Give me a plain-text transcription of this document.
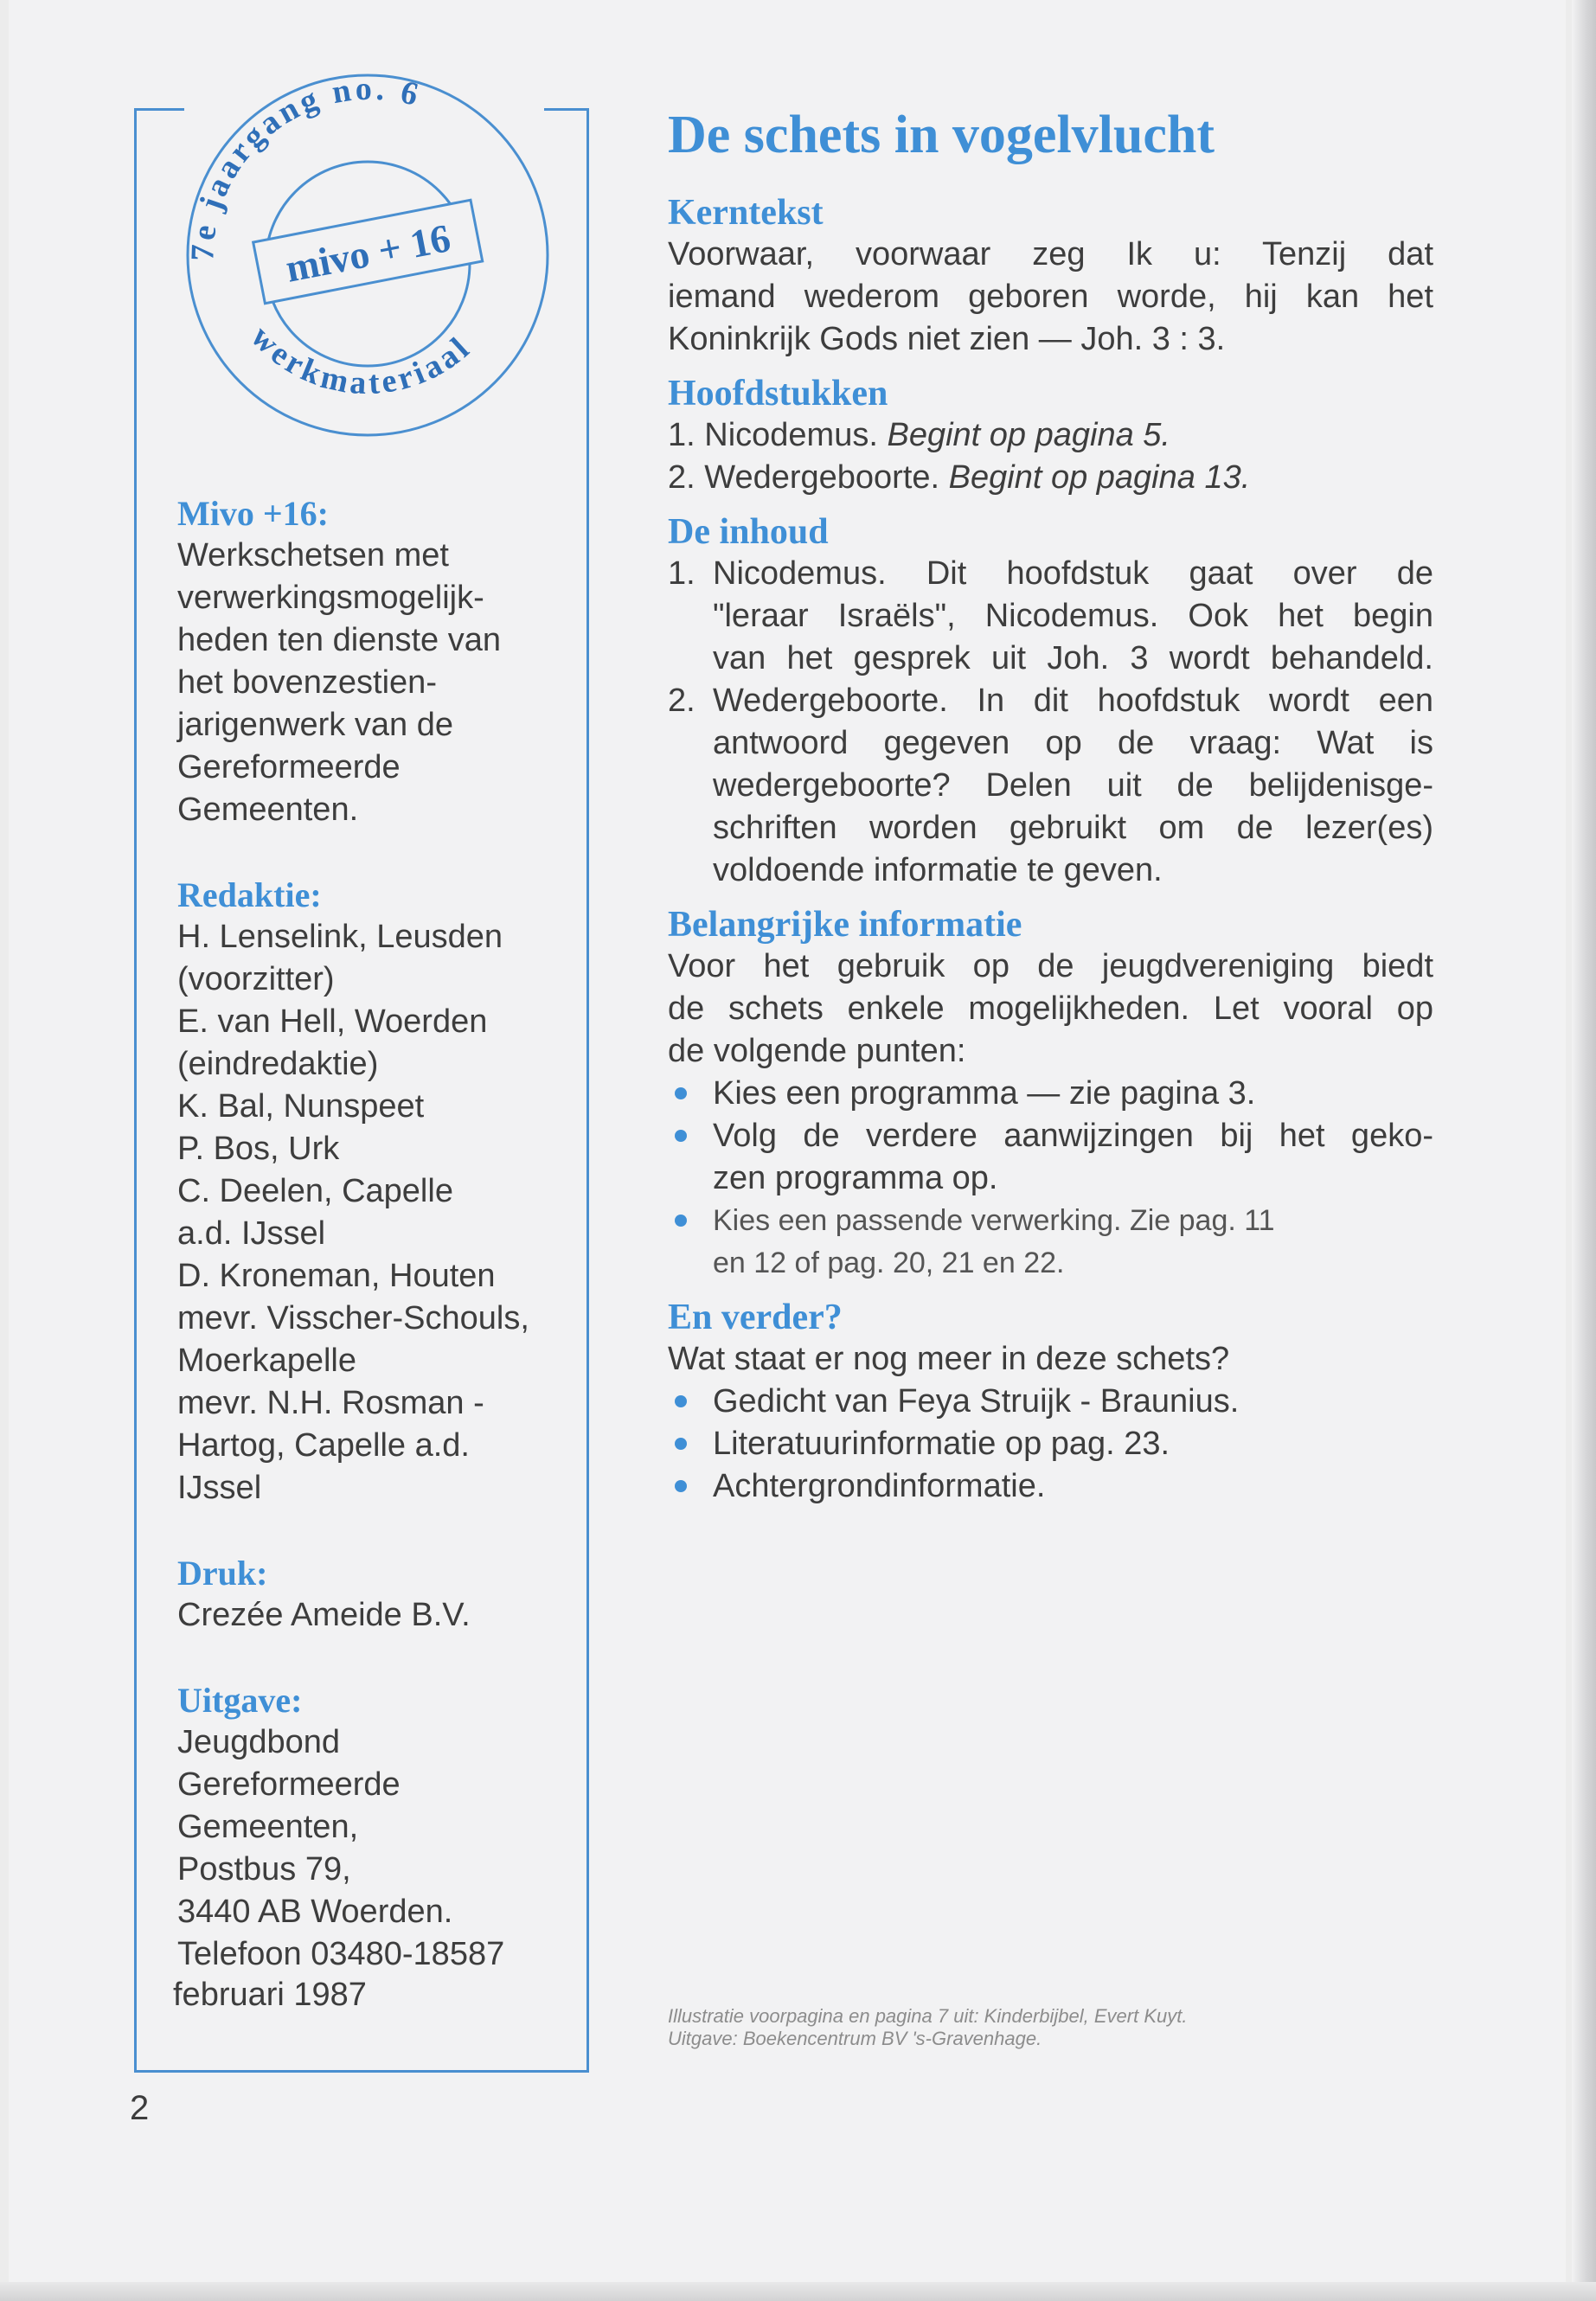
mivo + 16
7e jaargang no. 6
werkmateriaal

Mivo +16:

Werkschetsen met
verwerkingsmogelijk-
heden ten dienste van
het bovenzestien-
jarigenwerk van de
Gereformeerde
Gemeenten.

Redaktie:

H. Lenselink, Leusden
(voorzitter)
E. van Hell, Woerden
(eindredaktie)
K. Bal, Nunspeet
P. Bos, Urk
C. Deelen, Capelle
a.d. IJssel
D. Kroneman, Houten
mevr. Visscher-Schouls,
Moerkapelle
mevr. N.H. Rosman -
Hartog, Capelle a.d.
IJssel

Druk:

Crezée Ameide B.V.

Uitgave:

Jeugdbond
Gereformeerde
Gemeenten,
Postbus 79,
3440 AB Woerden.
Telefoon 03480-18587

februari 1987
2
De schets in vogelvlucht

Kerntekst

Voorwaar, voorwaar zeg Ik u: Tenzij dat
iemand wederom geboren worde, hij kan het
Koninkrijk Gods niet zien — Joh. 3 : 3.

Hoofdstukken

1. Nicodemus. Begint op pagina 5.
2. Wedergeboorte. Begint op pagina 13.

De inhoud

1. Nicodemus. Dit hoofdstuk gaat over de
"leraar Israëls", Nicodemus. Ook het begin
van het gesprek uit Joh. 3 wordt behandeld.
2. Wedergeboorte. In dit hoofdstuk wordt een
antwoord gegeven op de vraag: Wat is
wedergeboorte? Delen uit de belijdenisge-
schriften worden gebruikt om de lezer(es)
voldoende informatie te geven.

Belangrijke informatie

Voor het gebruik op de jeugdvereniging biedt
de schets enkele mogelijkheden. Let vooral op
de volgende punten:

Kies een programma — zie pagina 3.
Volg de verdere aanwijzingen bij het geko-
zen programma op.
Kies een passende verwerking. Zie pag. 11
en 12 of pag. 20, 21 en 22.

En verder?

Wat staat er nog meer in deze schets?

Gedicht van Feya Struijk - Braunius.
Literatuurinformatie op pag. 23.
Achtergrondinformatie.
Illustratie voorpagina en pagina 7 uit: Kinderbijbel, Evert Kuyt.
Uitgave: Boekencentrum BV 's-Gravenhage.
